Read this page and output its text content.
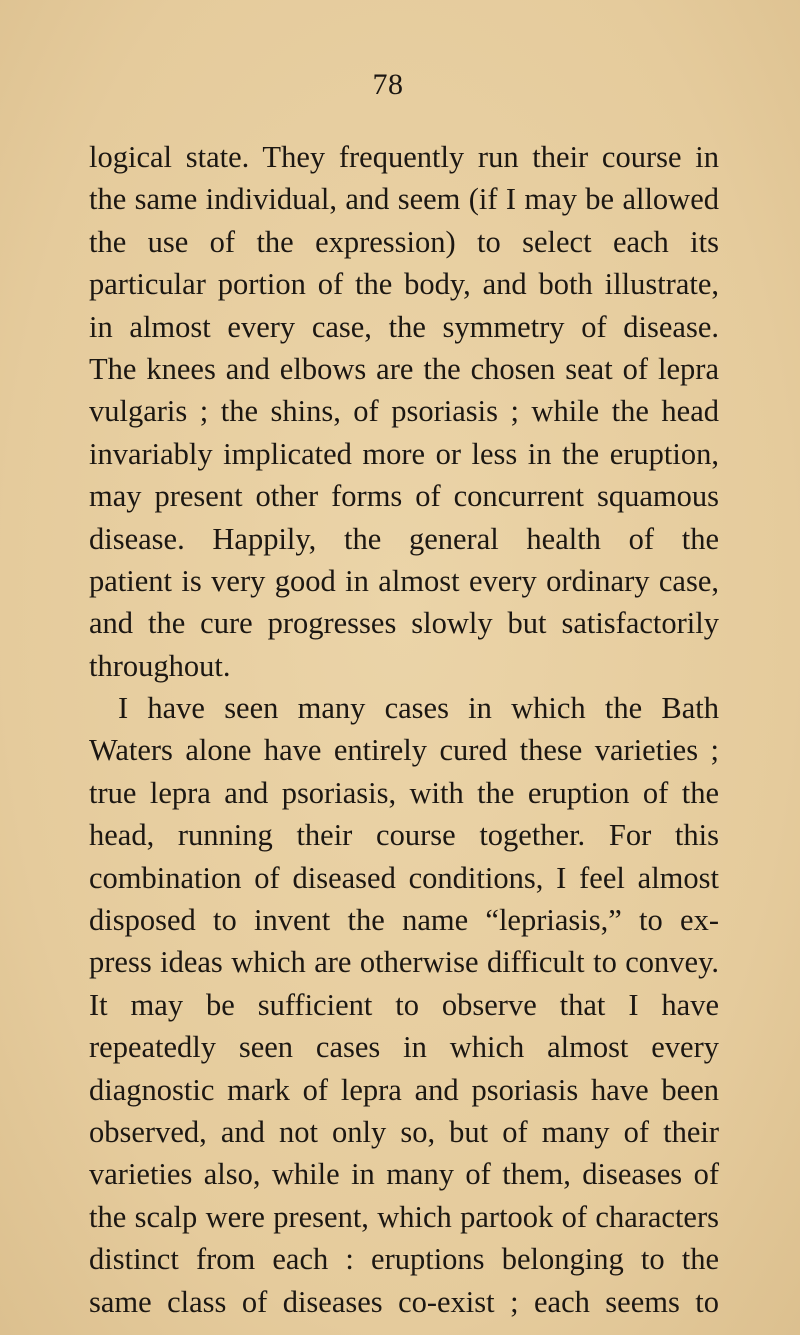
78
logical state. They frequently run their course in
the same individual, and seem (if I may be allowed
the use of the expression) to select each its
particular portion of the body, and both illustrate,
in almost every case, the symmetry of disease.
The knees and elbows are the chosen seat of lepra
vulgaris ; the shins, of psoriasis ; while the head
invariably implicated more or less in the eruption,
may present other forms of concurrent squamous
disease. Happily, the general health of the
patient is very good in almost every ordinary case,
and the cure progresses slowly but satisfactorily
throughout.
I have seen many cases in which the Bath
Waters alone have entirely cured these varieties ;
true lepra and psoriasis, with the eruption of the
head, running their course together. For this
combination of diseased conditions, I feel almost
disposed to invent the name “lepriasis,” to ex-
press ideas which are otherwise difficult to convey.
It may be sufficient to observe that I have
repeatedly seen cases in which almost every
diagnostic mark of lepra and psoriasis have been
observed, and not only so, but of many of their
varieties also, while in many of them, diseases of
the scalp were present, which partook of characters
distinct from each : eruptions belonging to the
same class of diseases co-exist ; each seems to
